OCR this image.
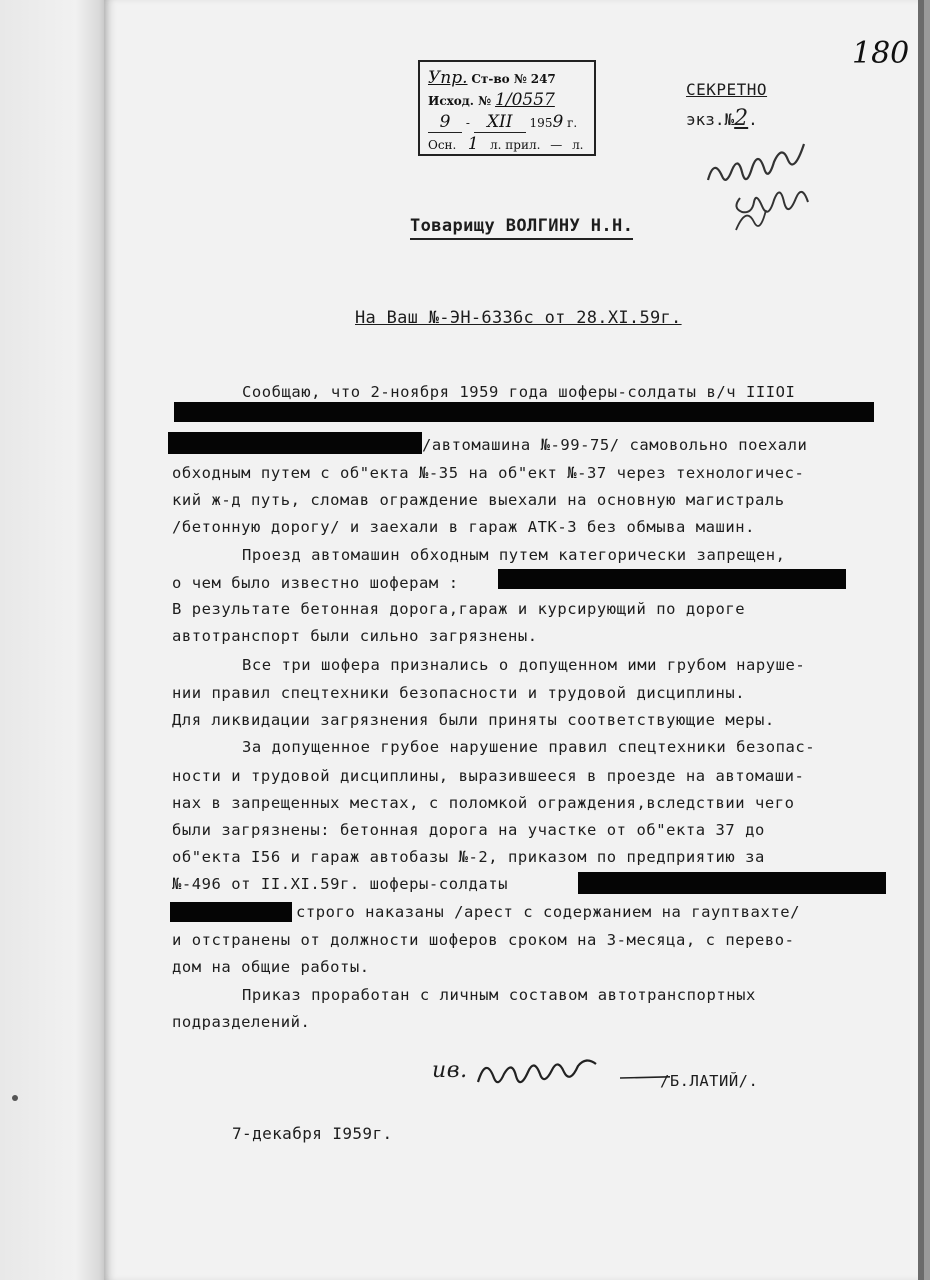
180
Упр. Ст-во № 247
Исход. № 1/0557
9 - XII 1959 г.
Осн. 1 л. прил. — л.
СЕКРЕТНО
экз.№2.
Товарищу ВОЛГИНУ Н.Н.
На Ваш №-ЭН-6336с от 28.XI.59г.
Сообщаю, что 2-ноября 1959 года шоферы-солдаты в/ч IIIOI
/автомашина №-99-75/ самовольно поехали
обходным путем с об"екта №-35 на об"ект №-37 через технологичес-
кий ж-д путь, сломав ограждение выехали на основную магистраль
/бетонную дорогу/ и заехали в гараж АТК-3 без обмыва машин.
Проезд автомашин обходным путем категорически запрещен,
о чем было известно шоферам :
В результате бетонная дорога,гараж и курсирующий по дороге
автотранспорт были сильно загрязнены.
Все три шофера признались о допущенном ими грубом наруше-
нии правил спецтехники безопасности и трудовой дисциплины.
Для ликвидации загрязнения были приняты соответствующие меры.
За допущенное грубое нарушение правил спецтехники безопас-
ности и трудовой дисциплины, выразившееся в проезде на автомаши-
нах в запрещенных местах, с поломкой ограждения,вследствии чего
были загрязнены: бетонная дорога на участке от об"екта 37 до
об"екта I56 и гараж автобазы №-2, приказом по предприятию за
№-496 от II.XI.59г. шоферы-солдаты
строго наказаны /арест с содержанием на гауптвахте/
и отстранены от должности шоферов сроком на 3-месяца, с перево-
дом на общие работы.
Приказ проработан с личным составом автотранспортных
подразделений.
ив.	/Б.ЛАТИЙ/.
7-декабря I959г.
